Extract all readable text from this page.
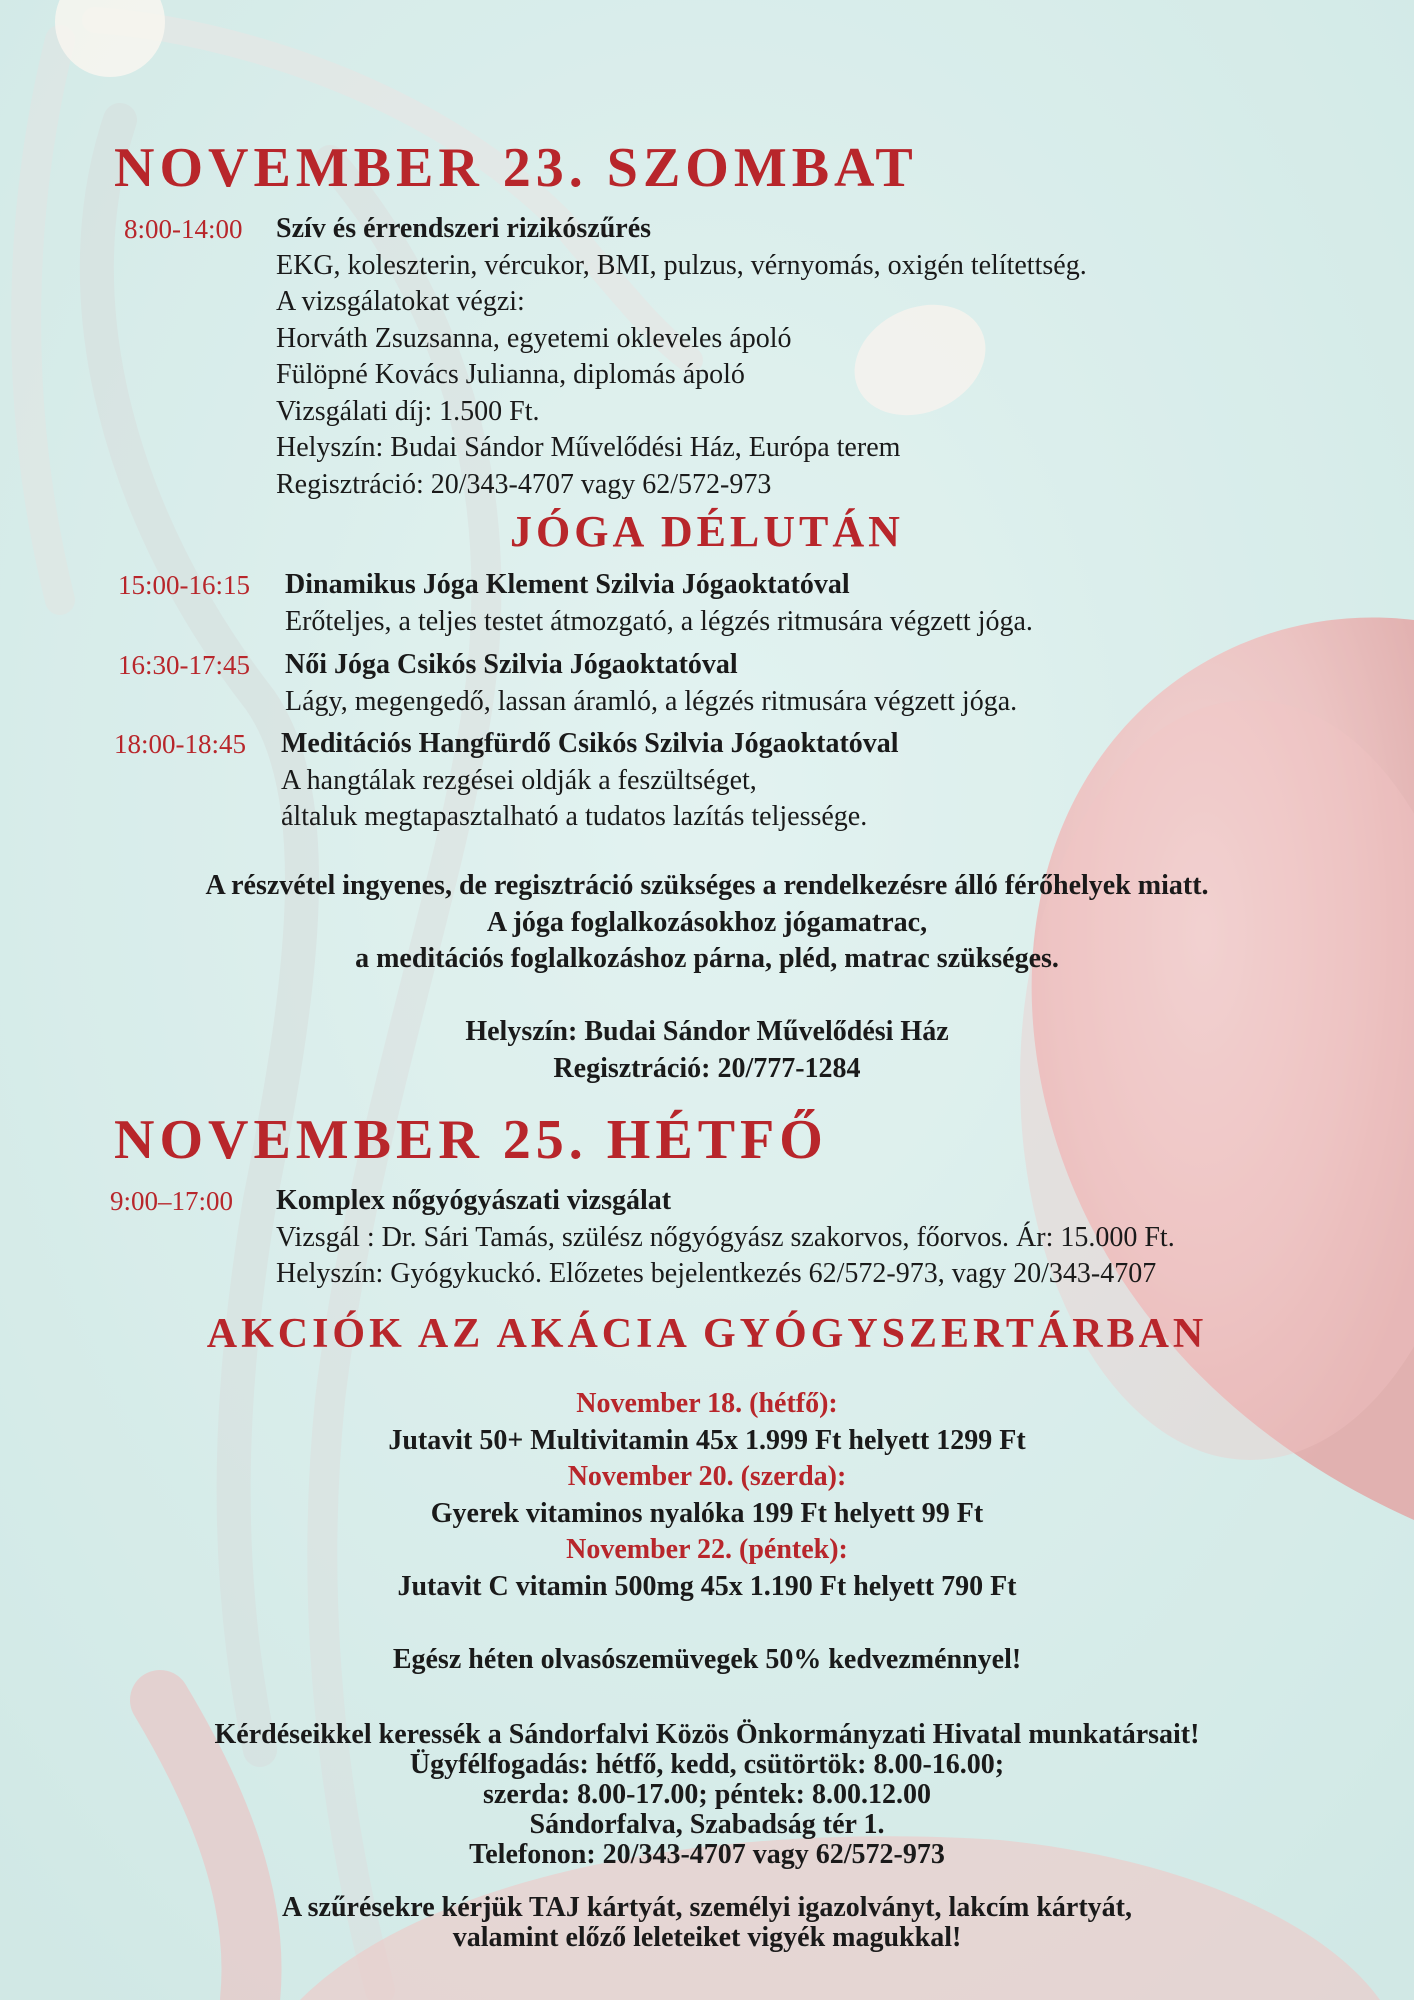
NOVEMBER 23. SZOMBAT
8:00-14:00 Szív és érrendszeri rizikószűrés
EKG, koleszterin, vércukor, BMI, pulzus, vérnyomás, oxigén telítettség.
A vizsgálatokat végzi:
Horváth Zsuzsanna, egyetemi okleveles ápoló
Fülöpné Kovács Julianna, diplomás ápoló
Vizsgálati díj: 1.500 Ft.
Helyszín: Budai Sándor Művelődési Ház, Európa terem
Regisztráció: 20/343-4707 vagy 62/572-973
JÓGA DÉLUTÁN
15:00-16:15 Dinamikus Jóga Klement Szilvia Jógaoktatóval
Erőteljes, a teljes testet átmozgató, a légzés ritmusára végzett jóga.
16:30-17:45 Női Jóga Csikós Szilvia Jógaoktatóval
Lágy, megengedő, lassan áramló, a légzés ritmusára végzett jóga.
18:00-18:45 Meditációs Hangfürdő Csikós Szilvia Jógaoktatóval
A hangtálak rezgései oldják a feszültséget,
általuk megtapasztalható a tudatos lazítás teljessége.
A részvétel ingyenes, de regisztráció szükséges a rendelkezésre álló férőhelyek miatt.
A jóga foglalkozásokhoz jógamatrac,
a meditációs foglalkozáshoz párna, pléd, matrac szükséges.
Helyszín: Budai Sándor Művelődési Ház
Regisztráció: 20/777-1284
NOVEMBER 25. HÉTFŐ
9:00–17:00 Komplex nőgyógyászati vizsgálat
Vizsgál : Dr. Sári Tamás, szülész nőgyógyász szakorvos, főorvos. Ár: 15.000 Ft.
Helyszín: Gyógykuckó. Előzetes bejelentkezés 62/572-973, vagy 20/343-4707
AKCIÓK AZ AKÁCIA GYÓGYSZERTÁRBAN
November 18. (hétfő):
Jutavit 50+ Multivitamin 45x 1.999 Ft helyett 1299 Ft
November 20. (szerda):
Gyerek vitaminos nyalóka 199 Ft helyett 99 Ft
November 22. (péntek):
Jutavit C vitamin 500mg 45x 1.190 Ft helyett 790 Ft
Egész héten olvasószemüvegek 50% kedvezménnyel!
Kérdéseikkel keressék a Sándorfalvi Közös Önkormányzati Hivatal munkatársait!
Ügyfélfogadás: hétfő, kedd, csütörtök: 8.00-16.00;
szerda: 8.00-17.00; péntek: 8.00.12.00
Sándorfalva, Szabadság tér 1.
Telefonon: 20/343-4707 vagy 62/572-973
A szűrésekre kérjük TAJ kártyát, személyi igazolványt, lakcím kártyát,
valamint előző leleteiket vigyék magukkal!
